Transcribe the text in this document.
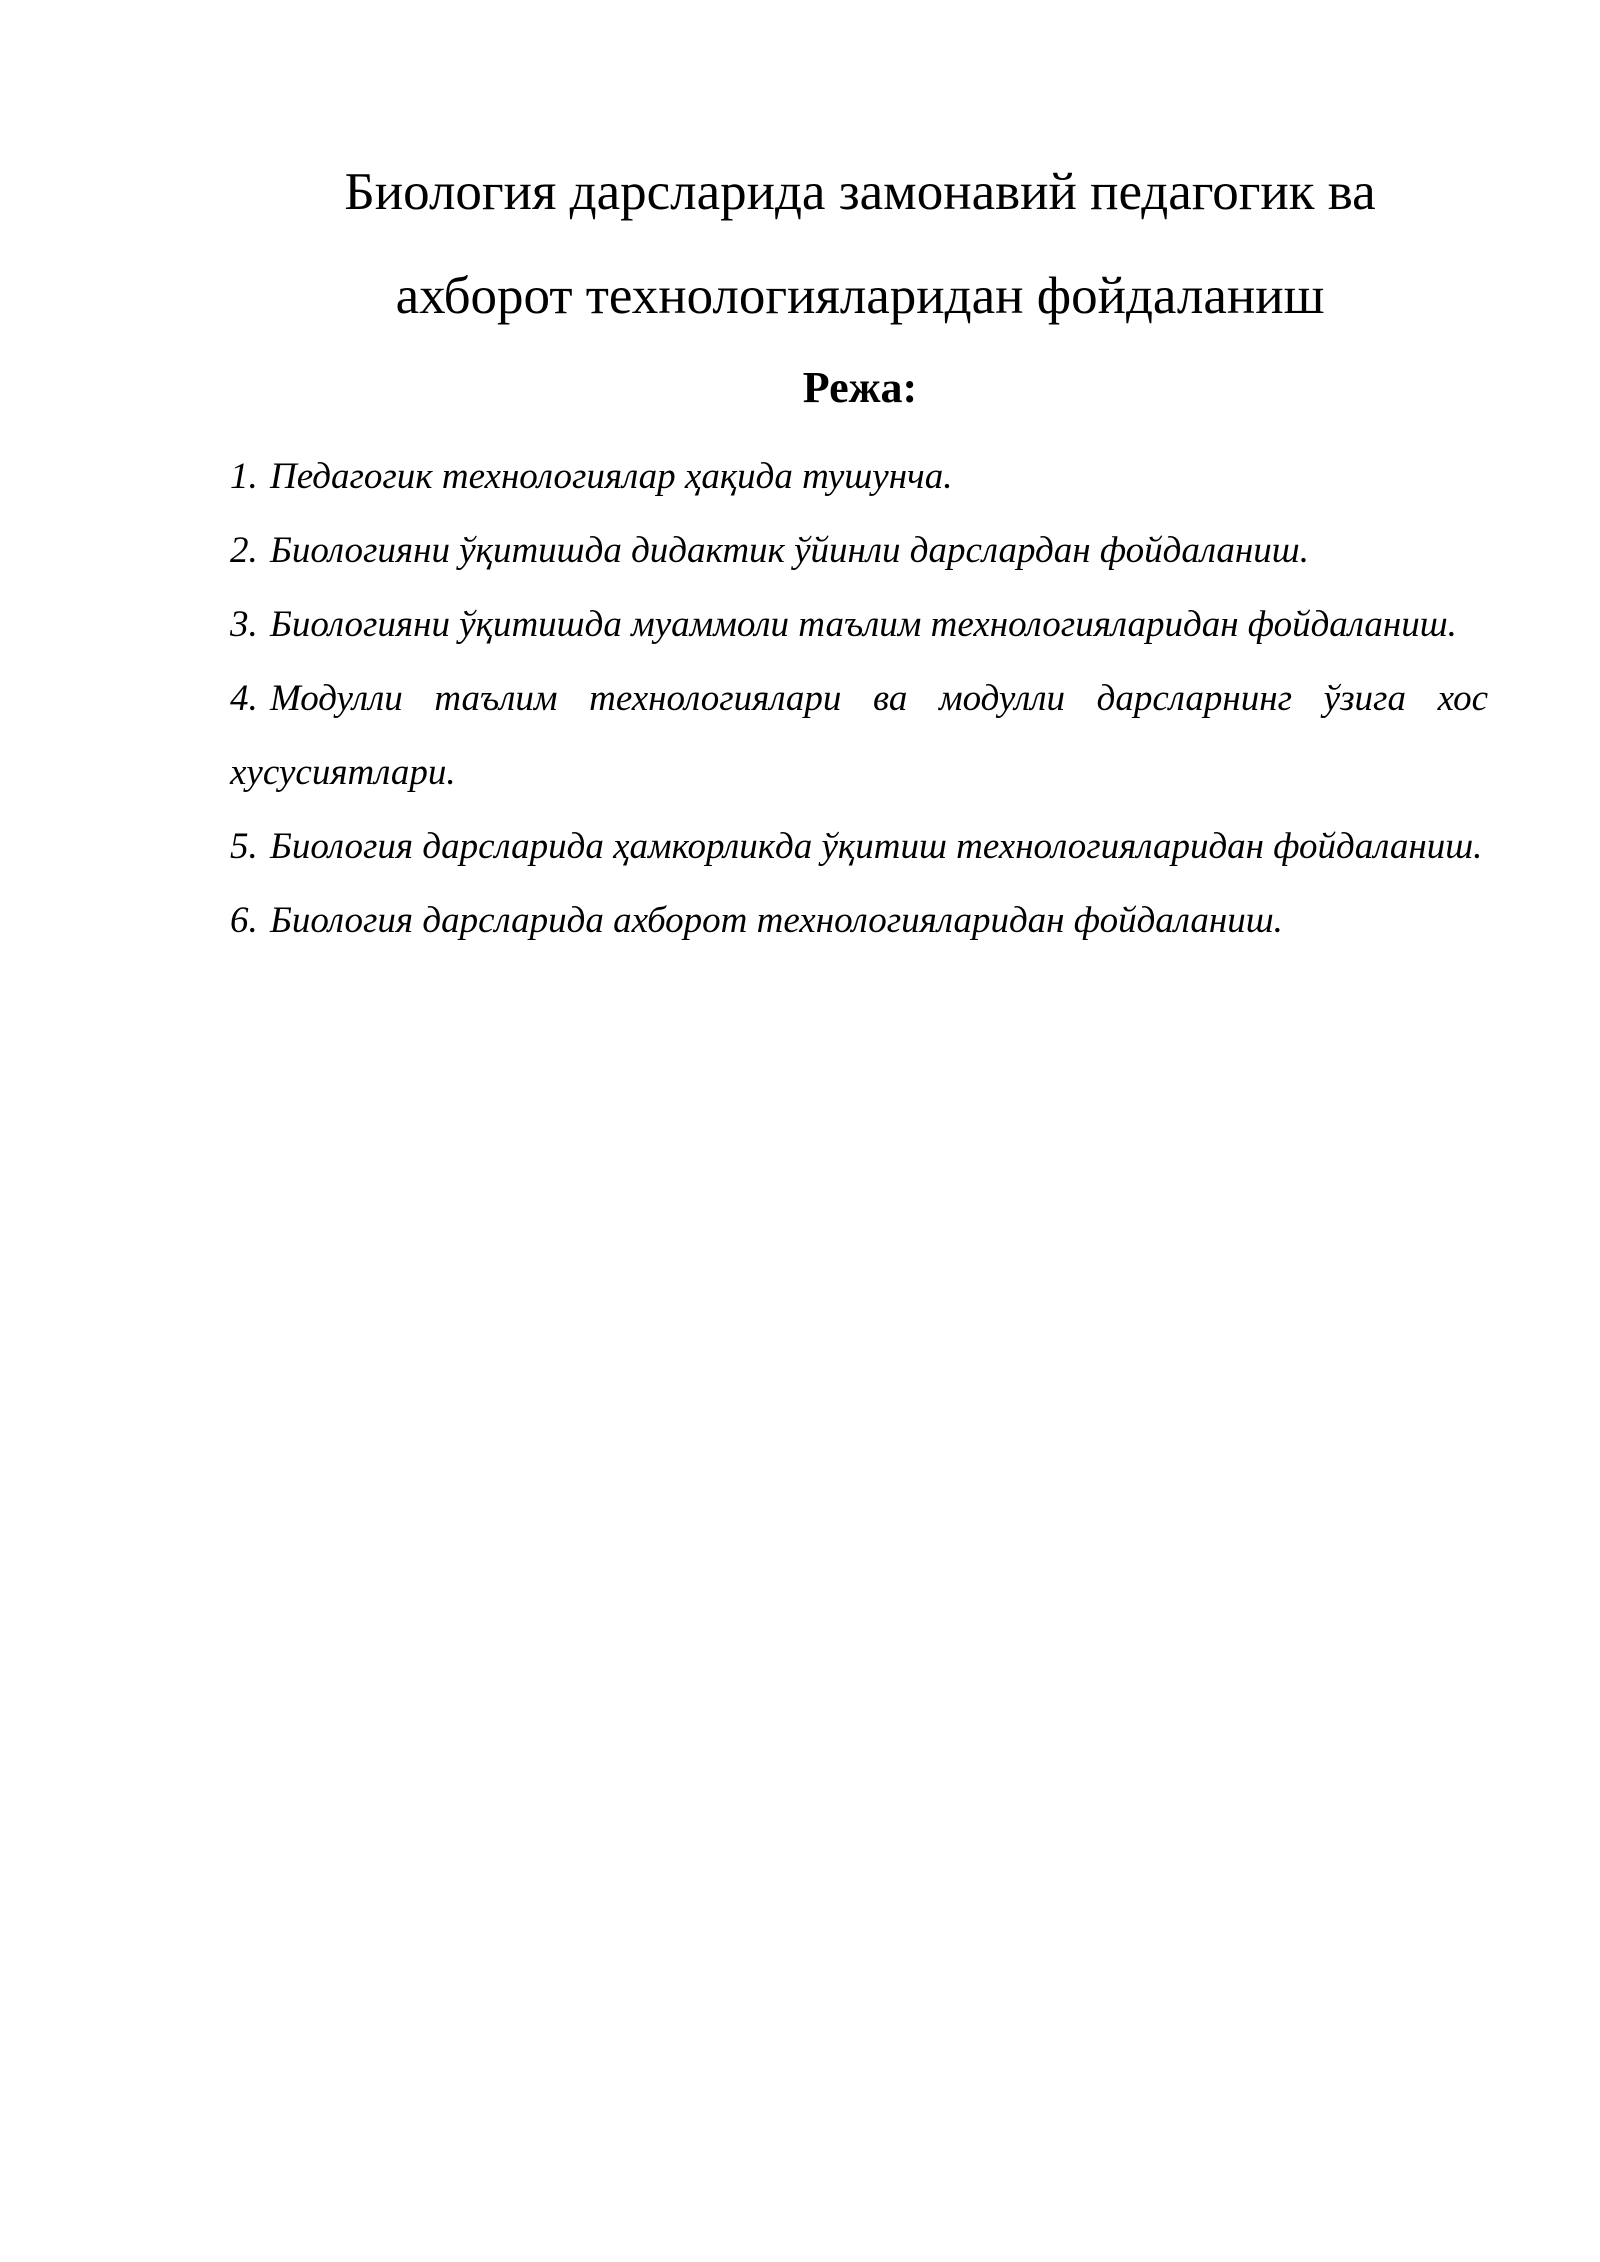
Биология дарсларида замонавий педагогик ва
ахборот технологияларидан фойдаланиш
Режа:
1. Педагогик технологиялар ҳақида тушунча.
2. Биологияни ўқитишда дидактик ўйинли дарслардан фойдаланиш.
3. Биологияни ўқитишда муаммоли таълим технологияларидан фойдаланиш.
4. Модулли таълим технологиялари ва модулли дарсларнинг ўзига хос хусусиятлари.
5. Биология дарсларида ҳамкорликда ўқитиш технологияларидан фойдаланиш.
6. Биология дарсларида ахборот технологияларидан фойдаланиш.
